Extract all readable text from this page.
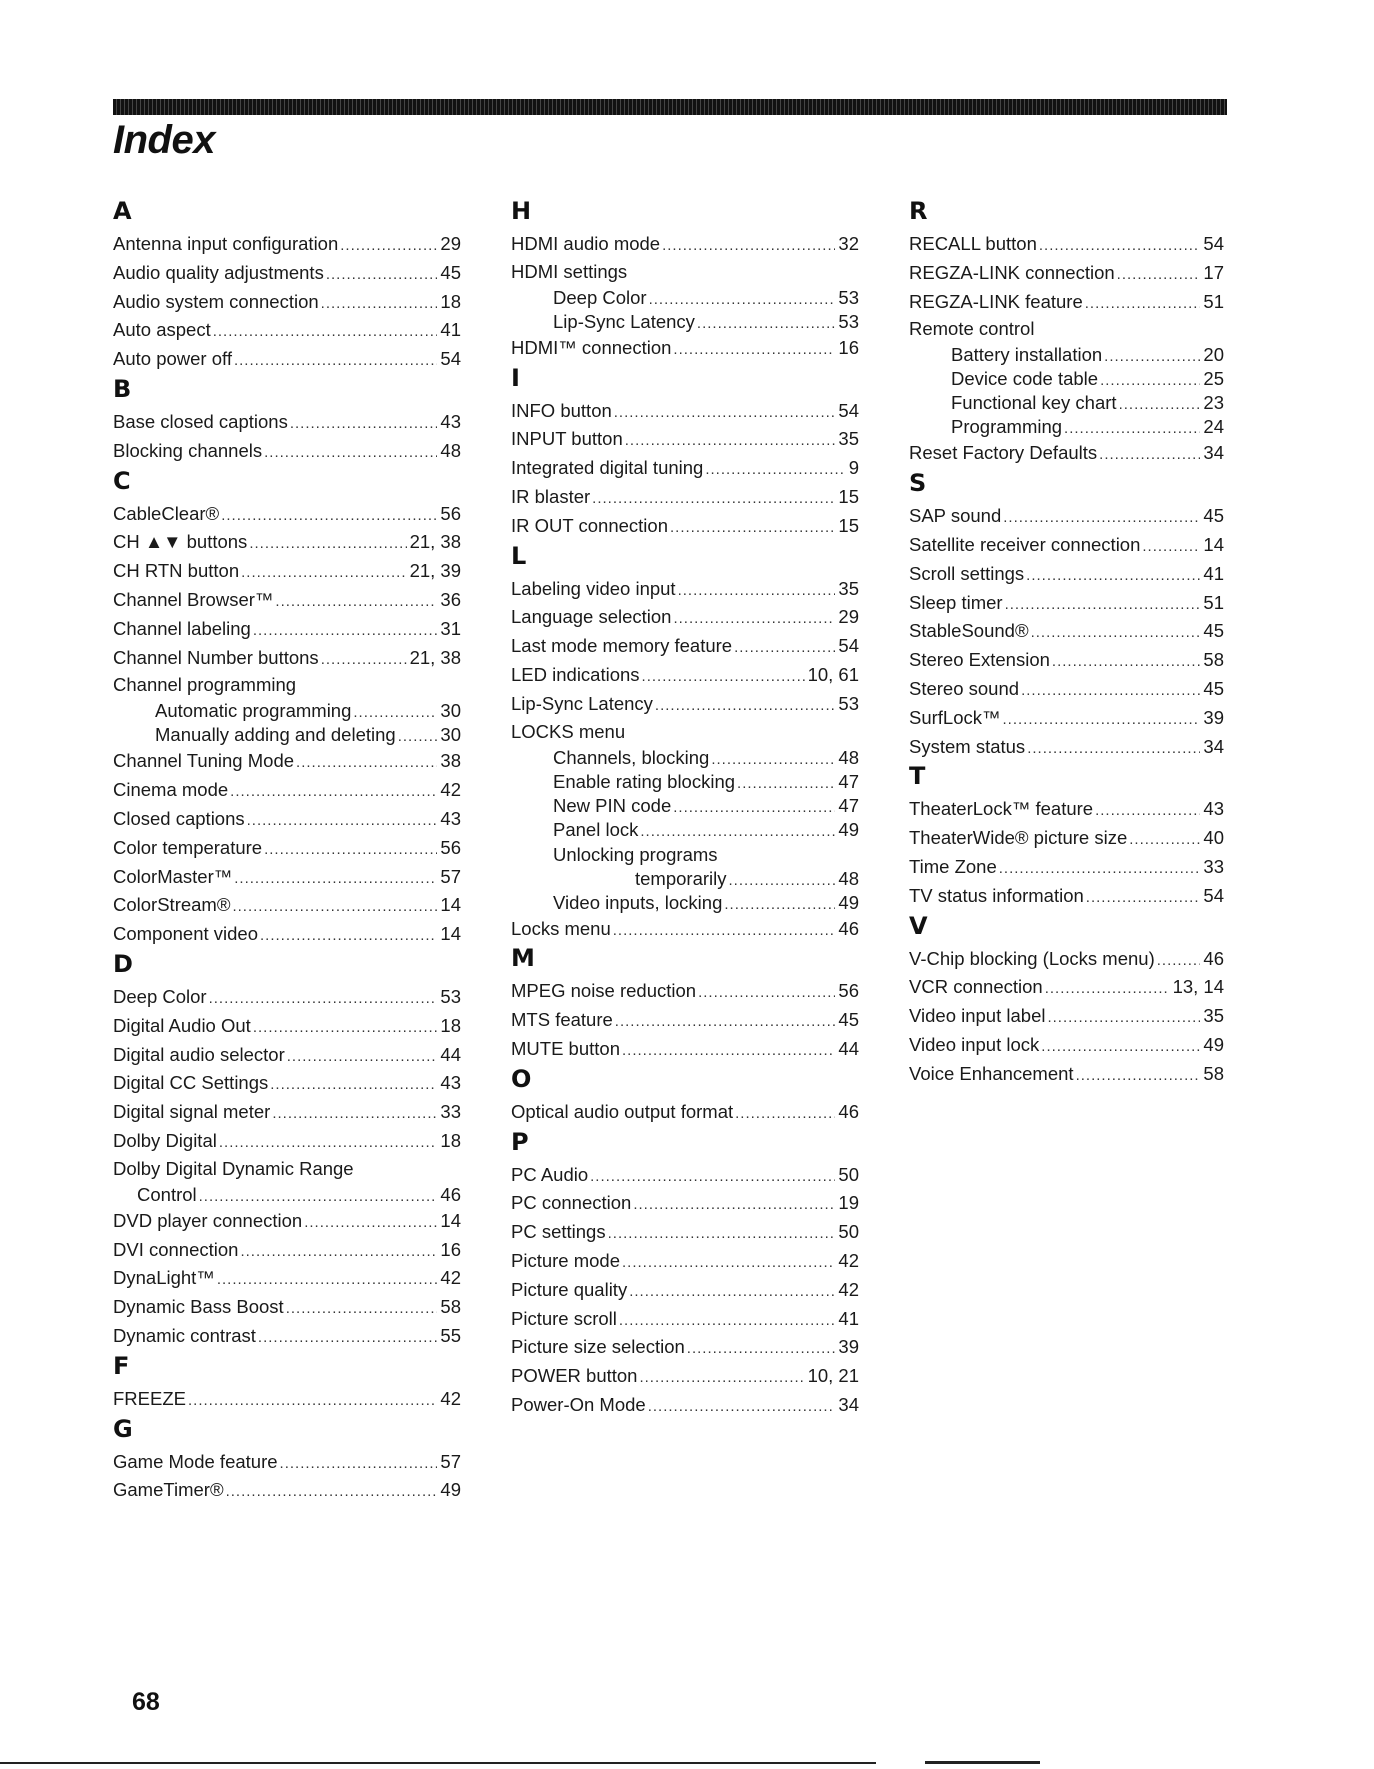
Index
A
Antenna input configuration .....	29
Audio quality adjustments .....	45
Audio system connection .....	18
Auto aspect .....	41
Auto power off .....	54
B
Base closed captions .....	43
Blocking channels .....	48
C
CableClear® .....	56
CH ▲▼ buttons .....	21, 38
CH RTN button .....	21, 39
Channel Browser™ .....	36
Channel labeling .....	31
Channel Number buttons .....	21, 38
Channel programming
Automatic programming .....	30
Manually adding and deleting ..... 30
Channel Tuning Mode .....	38
Cinema mode .....	42
Closed captions .....	43
Color temperature .....	56
ColorMaster™ .....	57
ColorStream® .....	14
Component video .....	14
D
Deep Color .....	53
Digital Audio Out .....	18
Digital audio selector .....	44
Digital CC Settings .....	43
Digital signal meter .....	33
Dolby Digital .....	18
Dolby Digital Dynamic Range
Control .....	46
DVD player connection .....	14
DVI connection .....	16
DynaLight™ .....	42
Dynamic Bass Boost .....	58
Dynamic contrast .....	55
F
FREEZE .....	42
G
Game Mode feature .....	57
GameTimer® .....	49
H
HDMI audio mode .....	32
HDMI settings
Deep Color .....	53
Lip-Sync Latency .....	53
HDMI™ connection .....	16
I
INFO button .....	54
INPUT button .....	35
Integrated digital tuning .....	9
IR blaster .....	15
IR OUT connection .....	15
L
Labeling video input .....	35
Language selection .....	29
Last mode memory feature .....	54
LED indications .....	10, 61
Lip-Sync Latency .....	53
LOCKS menu
Channels, blocking .....	48
Enable rating blocking .....	47
New PIN code .....	47
Panel lock .....	49
Unlocking programs
temporarily .....	48
Video inputs, locking .....	49
Locks menu .....	46
M
MPEG noise reduction .....	56
MTS feature .....	45
MUTE button .....	44
O
Optical audio output format .....	46
P
PC Audio .....	50
PC connection .....	19
PC settings .....	50
Picture mode .....	42
Picture quality .....	42
Picture scroll .....	41
Picture size selection .....	39
POWER button .....	10, 21
Power-On Mode .....	34
R
RECALL button .....	54
REGZA-LINK connection .....	17
REGZA-LINK feature .....	51
Remote control
Battery installation .....	20
Device code table .....	25
Functional key chart .....	23
Programming .....	24
Reset Factory Defaults .....	34
S
SAP sound .....	45
Satellite receiver connection .....	14
Scroll settings .....	41
Sleep timer .....	51
StableSound® .....	45
Stereo Extension .....	58
Stereo sound .....	45
SurfLock™ .....	39
System status .....	34
T
TheaterLock™ feature .....	43
TheaterWide® picture size .....	40
Time Zone .....	33
TV status information .....	54
V
V-Chip blocking (Locks menu) .....	46
VCR connection .....	13, 14
Video input label .....	35
Video input lock .....	49
Voice Enhancement .....	58
68
